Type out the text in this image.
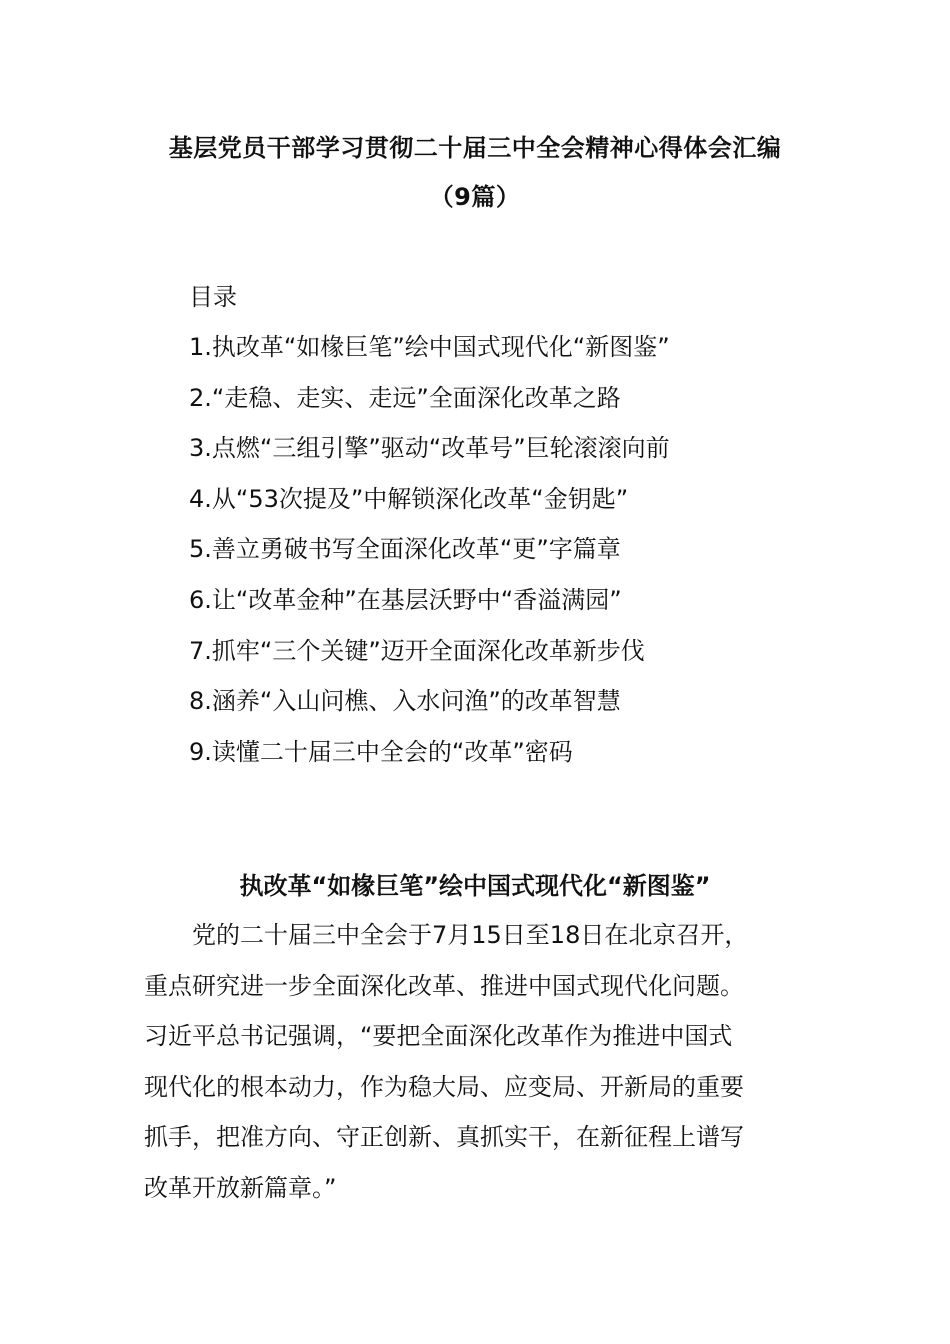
基层党员干部学习贯彻二十届三中全会精神心得体会汇编
（9篇）
目录
1.执改革“如椽巨笔”绘中国式现代化“新图鉴”
2.“走稳、走实、走远”全面深化改革之路
3.点燃“三组引擎”驱动“改革号”巨轮滚滚向前
4.从“53次提及”中解锁深化改革“金钥匙”
5.善立勇破书写全面深化改革“更”字篇章
6.让“改革金种”在基层沃野中“香溢满园”
7.抓牢“三个关键”迈开全面深化改革新步伐
8.涵养“入山问樵、入水问渔”的改革智慧
9.读懂二十届三中全会的“改革”密码
执改革“如椽巨笔”绘中国式现代化“新图鉴”

党的二十届三中全会于7月15日至18日在北京召开，
重点研究进一步全面深化改革、推进中国式现代化问题。
习近平总书记强调，“要把全面深化改革作为推进中国式
现代化的根本动力，作为稳大局、应变局、开新局的重要
抓手，把准方向、守正创新、真抓实干，在新征程上谱写
改革开放新篇章。”
